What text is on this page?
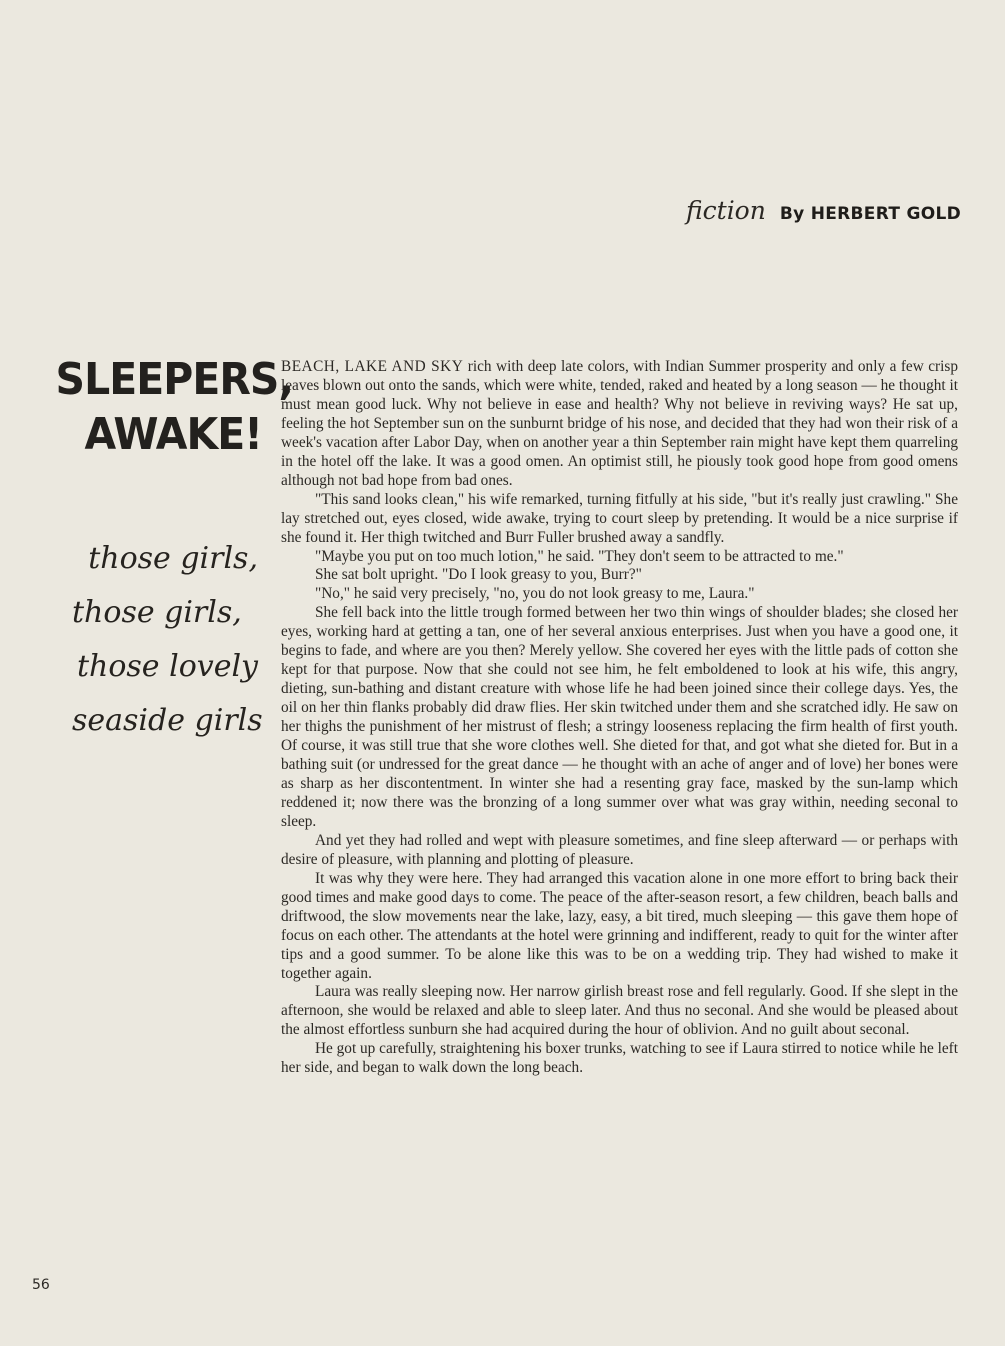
fiction By HERBERT GOLD
SLEEPERS,
AWAKE!
those girls,
those girls,
those lovely
seaside girls

BEACH, LAKE AND SKY rich with deep late colors, with Indian Summer prosperity and only a few crisp leaves blown out onto the sands, which were white, tended, raked and heated by a long season — he thought it must mean good luck. Why not believe in ease and health? Why not believe in reviving ways? He sat up, feeling the hot September sun on the sunburnt bridge of his nose, and decided that they had won their risk of a week's vacation after Labor Day, when on another year a thin September rain might have kept them quarreling in the hotel off the lake. It was a good omen. An optimist still, he piously took good hope from good omens although not bad hope from bad ones.

"This sand looks clean," his wife remarked, turning fitfully at his side, "but it's really just crawling." She lay stretched out, eyes closed, wide awake, trying to court sleep by pretending. It would be a nice surprise if she found it. Her thigh twitched and Burr Fuller brushed away a sandfly.

"Maybe you put on too much lotion," he said. "They don't seem to be attracted to me."

She sat bolt upright. "Do I look greasy to you, Burr?"

"No," he said very precisely, "no, you do not look greasy to me, Laura."

She fell back into the little trough formed between her two thin wings of shoulder blades; she closed her eyes, working hard at getting a tan, one of her several anxious enterprises. Just when you have a good one, it begins to fade, and where are you then? Merely yellow. She covered her eyes with the little pads of cotton she kept for that purpose. Now that she could not see him, he felt emboldened to look at his wife, this angry, dieting, sun-bathing and distant creature with whose life he had been joined since their college days. Yes, the oil on her thin flanks probably did draw flies. Her skin twitched under them and she scratched idly. He saw on her thighs the punishment of her mistrust of flesh; a stringy looseness replacing the firm health of first youth. Of course, it was still true that she wore clothes well. She dieted for that, and got what she dieted for. But in a bathing suit (or undressed for the great dance — he thought with an ache of anger and of love) her bones were as sharp as her discontentment. In winter she had a resenting gray face, masked by the sun-lamp which reddened it; now there was the bronzing of a long summer over what was gray within, needing seconal to sleep.

And yet they had rolled and wept with pleasure sometimes, and fine sleep afterward — or perhaps with desire of pleasure, with planning and plotting of pleasure.

It was why they were here. They had arranged this vacation alone in one more effort to bring back their good times and make good days to come. The peace of the after-season resort, a few children, beach balls and driftwood, the slow movements near the lake, lazy, easy, a bit tired, much sleeping — this gave them hope of focus on each other. The attendants at the hotel were grinning and indifferent, ready to quit for the winter after tips and a good summer. To be alone like this was to be on a wedding trip. They had wished to make it together again.

Laura was really sleeping now. Her narrow girlish breast rose and fell regularly. Good. If she slept in the afternoon, she would be relaxed and able to sleep later. And thus no seconal. And she would be pleased about the almost effortless sunburn she had acquired during the hour of oblivion. And no guilt about seconal.

He got up carefully, straightening his boxer trunks, watching to see if Laura stirred to notice while he left her side, and began to walk down the long beach.

56
